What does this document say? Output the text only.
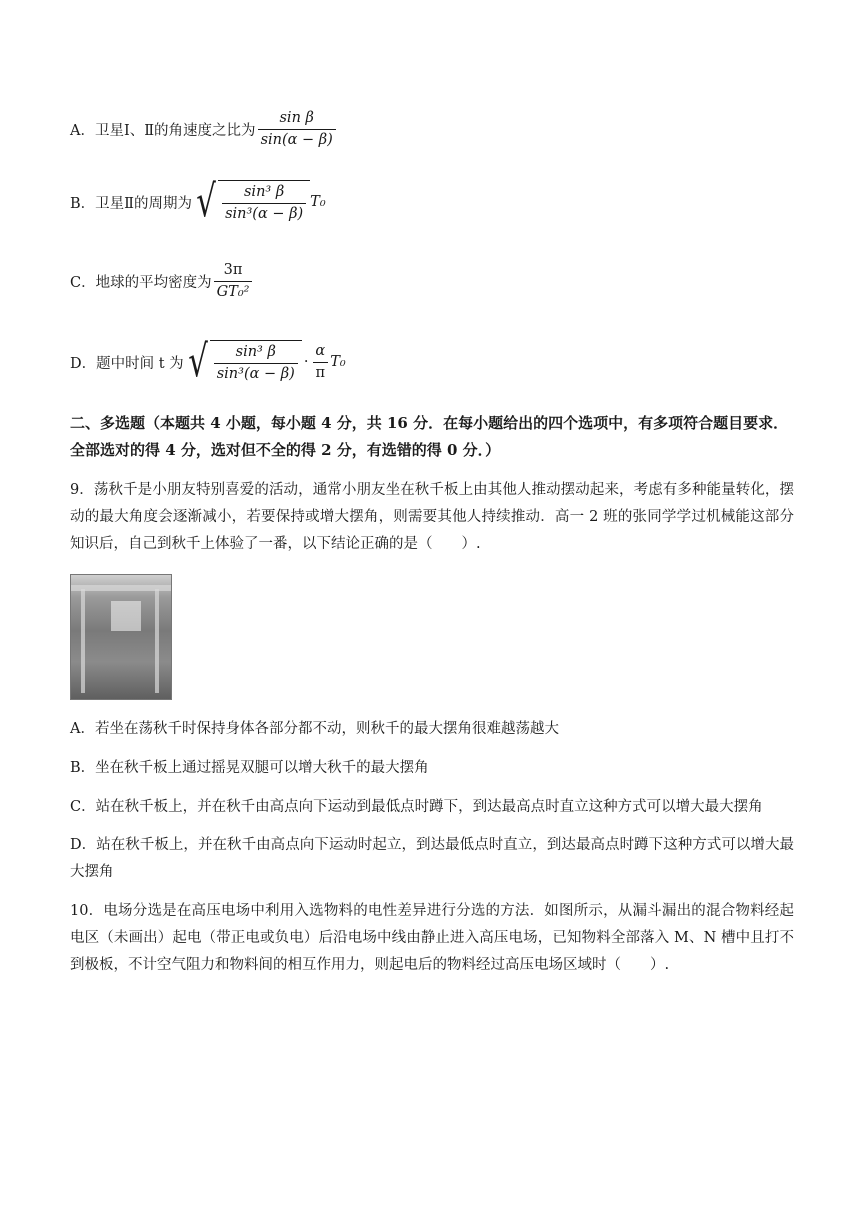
A．卫星Ⅰ、Ⅱ的角速度之比为 $\frac{\text{sin β}}{\sin(\alpha - \beta)}$
B．卫星Ⅱ的周期为 √ $\frac{\text{sin³ β}}{\text{sin³(α − β)}} T_0$
C．地球的平均密度为 $\frac{3\pi}{\text{GT₀²}}$
D．题中时间 t 为 √ $\frac{\text{sin³ β}}{\text{sin³(α − β)}} \cdot \frac{\alpha}{\pi} T_0$
二、多选题（本题共 4 小题，每小题 4 分，共 16 分．在每小题给出的四个选项中，有多项符合题目要求．全部选对的得 4 分，选对但不全的得 2 分，有选错的得 0 分．）
9．荡秋千是小朋友特别喜爱的活动，通常小朋友坐在秋千板上由其他人推动摆动起来，考虑有多种能量转化，摆动的最大角度会逐渐减小，若要保持或增大摆角，则需要其他人持续推动．高一 2 班的张同学学过机械能这部分知识后，自己到秋千上体验了一番，以下结论正确的是（　　）.
A．若坐在荡秋千时保持身体各部分都不动，则秋千的最大摆角很难越荡越大
B．坐在秋千板上通过摇晃双腿可以增大秋千的最大摆角
C．站在秋千板上，并在秋千由高点向下运动到最低点时蹲下，到达最高点时直立这种方式可以增大最大摆角
D．站在秋千板上，并在秋千由高点向下运动时起立，到达最低点时直立，到达最高点时蹲下这种方式可以增大最大摆角
10．电场分选是在高压电场中利用入选物料的电性差异进行分选的方法．如图所示，从漏斗漏出的混合物料经起电区（未画出）起电（带正电或负电）后沿电场中线由静止进入高压电场，已知物料全部落入 M、N 槽中且打不到极板，不计空气阻力和物料间的相互作用力，则起电后的物料经过高压电场区域时（　　）.
